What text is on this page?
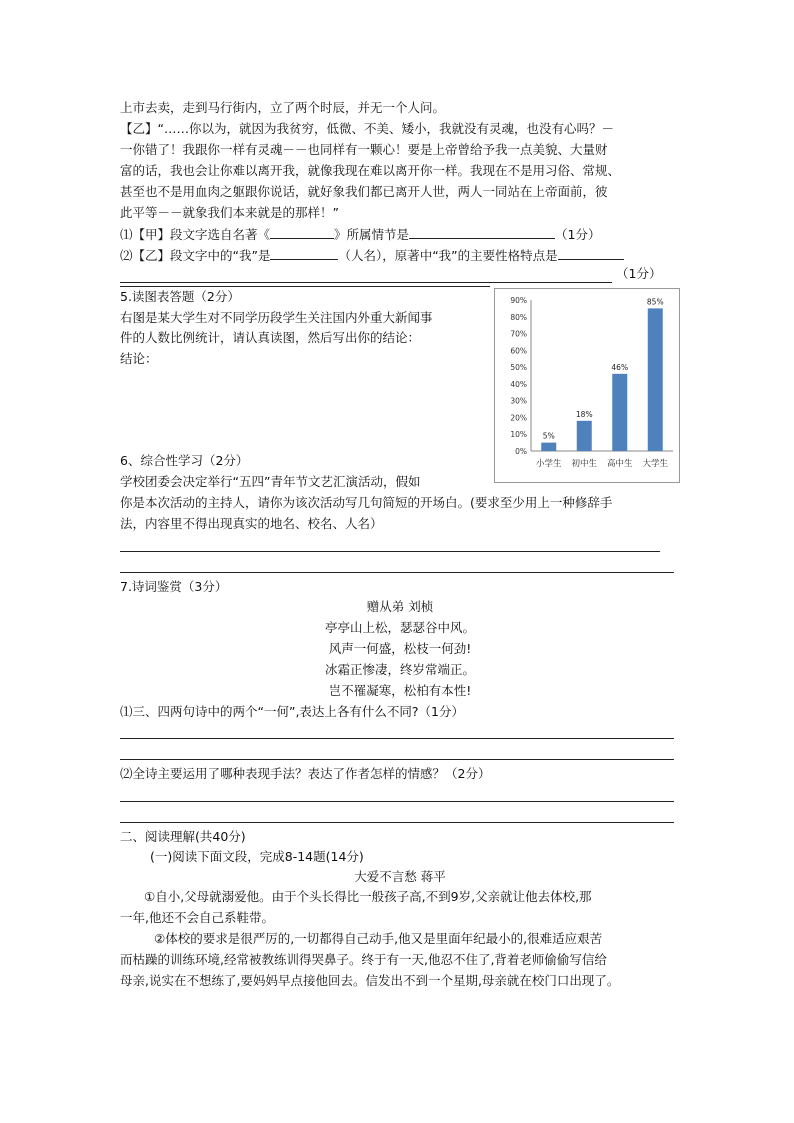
上市去卖，走到马行街内，立了两个时辰，并无一个人问。
【乙】“……你以为，就因为我贫穷，低微、不美、矮小，我就没有灵魂，也没有心吗？－
一你错了！我跟你一样有灵魂－－也同样有一颗心！要是上帝曾给予我一点美貌、大量财
富的话，我也会让你难以离开我，就像我现在难以离开你一样。我现在不是用习俗、常规、
甚至也不是用血肉之躯跟你说话，就好象我们都已离开人世，两人一同站在上帝面前，彼
此平等－－就象我们本来就是的那样！”
⑴【甲】段文字选自名著《	》所属情节是	（1分）
⑵【乙】段文字中的“我”是	（人名），原著中“我”的主要性格特点是
（1分）
5.读图表答题（2分）
右图是某大学生对不同学历段学生关注国内外重大新闻事
件的人数比例统计，请认真读图，然后写出你的结论：
结论：
0%
10%
20%
30%
40%
50%
60%
70%
80%
90%
5%
小学生
18%
初中生
46%
高中生
85%
大学生
6、综合性学习（2分）
学校团委会决定举行“五四”青年节文艺汇演活动，假如
你是本次活动的主持人，请你为该次活动写几句简短的开场白。(要求至少用上一种修辞手
法，内容里不得出现真实的地名、校名、人名）
7.诗词鉴赏（3分）
赠从弟 刘桢
亭亭山上松，瑟瑟谷中风。
风声一何盛，松枝一何劲!
冰霜正惨凄，终岁常端正。
岂不罹凝寒，松柏有本性!
⑴三、四两句诗中的两个“一何”,表达上各有什么不同?（1分）
⑵全诗主要运用了哪种表现手法？表达了作者怎样的情感？（2分）
二、阅读理解(共40分)
(一)阅读下面文段，完成8-14题(14分)
大爱不言愁 蒋平
①自小,父母就溺爱他。由于个头长得比一般孩子高,不到9岁,父亲就让他去体校,那
一年,他还不会自己系鞋带。
②体校的要求是很严厉的,一切都得自己动手,他又是里面年纪最小的,很难适应艰苦
而枯躁的训练环境,经常被教练训得哭鼻子。终于有一天,他忍不住了,背着老师偷偷写信给
母亲,说实在不想练了,要妈妈早点接他回去。信发出不到一个星期,母亲就在校门口出现了。
